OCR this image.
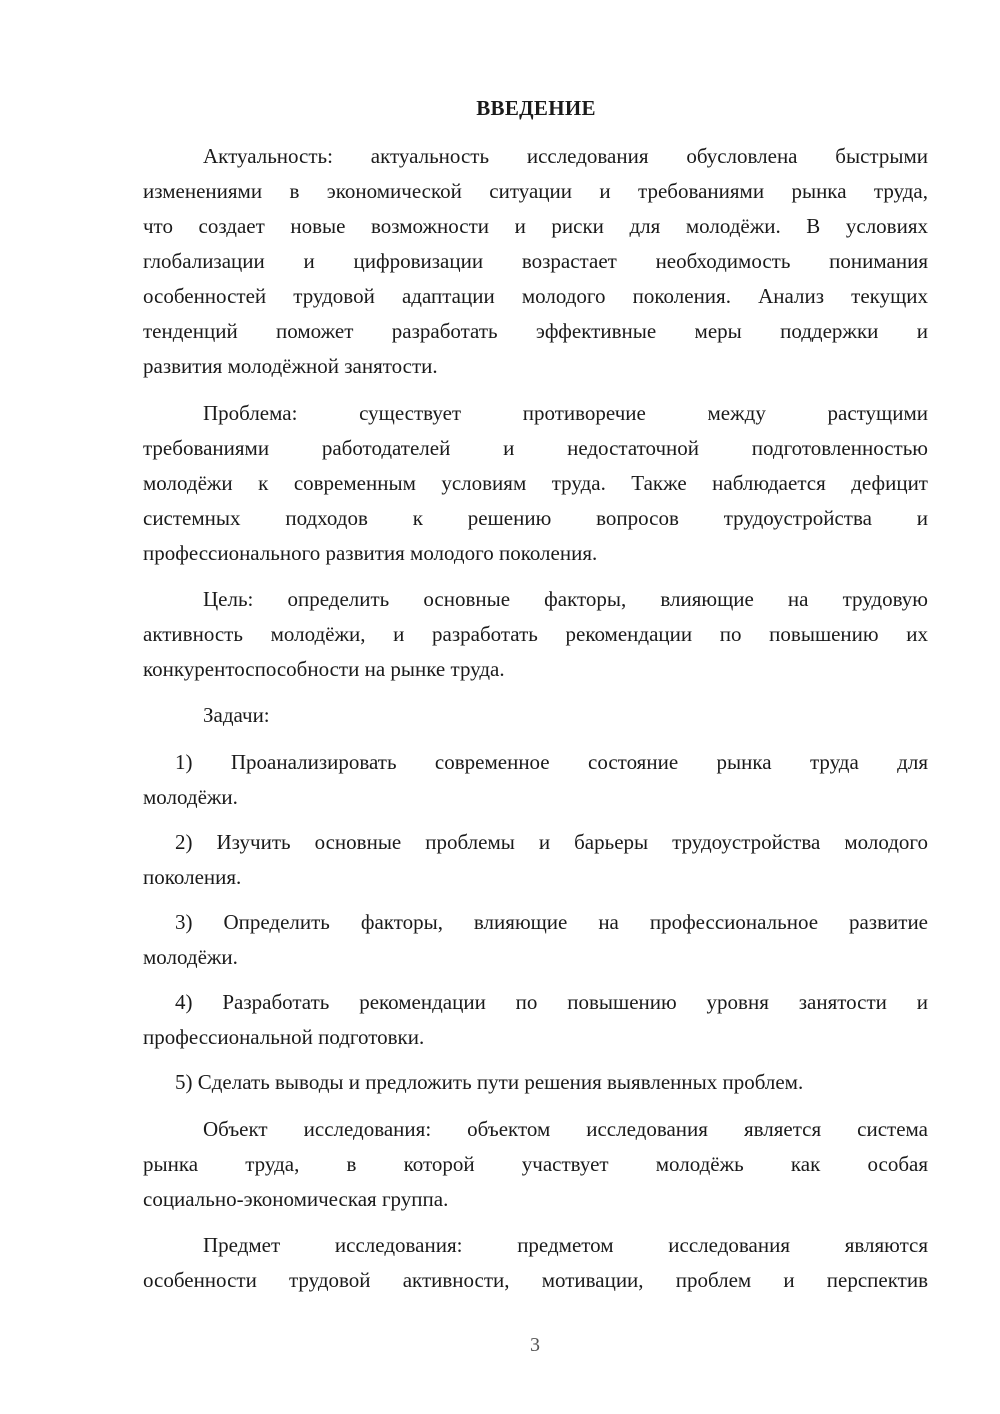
ВВЕДЕНИЕ
Актуальность: актуальность исследования обусловлена быстрыми
изменениями в экономической ситуации и требованиями рынка труда,
что создает новые возможности и риски для молодёжи. В условиях
глобализации и цифровизации возрастает необходимость понимания
особенностей трудовой адаптации молодого поколения. Анализ текущих
тенденций поможет разработать эффективные меры поддержки и
развития молодёжной занятости.
Проблема: существует противоречие между растущими
требованиями работодателей и недостаточной подготовленностью
молодёжи к современным условиям труда. Также наблюдается дефицит
системных подходов к решению вопросов трудоустройства и
профессионального развития молодого поколения.
Цель: определить основные факторы, влияющие на трудовую
активность молодёжи, и разработать рекомендации по повышению их
конкурентоспособности на рынке труда.
Задачи:
1) Проанализировать современное состояние рынка труда для
молодёжи.
2) Изучить основные проблемы и барьеры трудоустройства молодого
поколения.
3) Определить факторы, влияющие на профессиональное развитие
молодёжи.
4) Разработать рекомендации по повышению уровня занятости и
профессиональной подготовки.
5) Сделать выводы и предложить пути решения выявленных проблем.
Объект исследования: объектом исследования является система
рынка труда, в которой участвует молодёжь как особая
социально-экономическая группа.
Предмет исследования: предметом исследования являются
особенности трудовой активности, мотивации, проблем и перспектив
3
